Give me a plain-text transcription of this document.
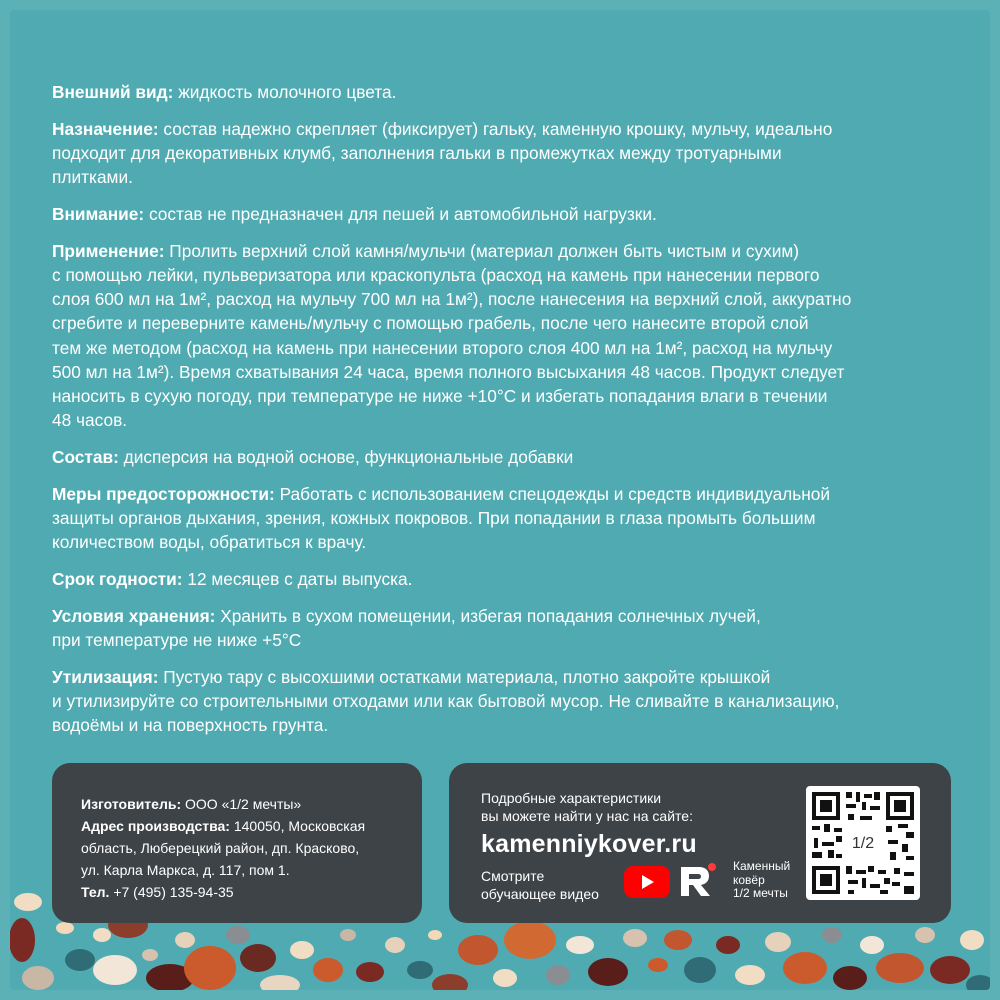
Внешний вид: жидкость молочного цвета.

Назначение: состав надежно скрепляет (фиксирует) гальку, каменную крошку, мульчу, идеально
подходит для декоративных клумб, заполнения гальки в промежутках между тротуарными
плитками.

Внимание: состав не предназначен для пешей и автомобильной нагрузки.

Применение: Пролить верхний слой камня/мульчи (материал должен быть чистым и сухим)
с помощью лейки, пульверизатора или краскопульта (расход на камень при нанесении первого
слоя 600 мл на 1м², расход на мульчу 700 мл на 1м²), после нанесения на верхний слой, аккуратно
сгребите и переверните камень/мульчу с помощью грабель, после чего нанесите второй слой
тем же методом (расход на камень при нанесении второго слоя 400 мл на 1м², расход на мульчу
500 мл на 1м²). Время схватывания 24 часа, время полного высыхания 48 часов. Продукт следует
наносить в сухую погоду, при температуре не ниже +10°С и избегать попадания влаги в течении
48 часов.

Состав: дисперсия на водной основе, функциональные добавки

Меры предосторожности: Работать с использованием спецодежды и средств индивидуальной
защиты органов дыхания, зрения, кожных покровов. При попадании в глаза промыть большим
количеством воды, обратиться к врачу.

Срок годности: 12 месяцев с даты выпуска.

Условия хранения: Хранить в сухом помещении, избегая попадания солнечных лучей,
при температуре не ниже +5°С

Утилизация: Пустую тару с высохшими остатками материала, плотно закройте крышкой
и утилизируйте со строительными отходами или как бытовой мусор. Не сливайте в канализацию,
водоёмы и на поверхность грунта.

Изготовитель: ООО «1/2 мечты»
Адрес производства: 140050, Московская
область, Люберецкий район, дп. Красково,
ул. Карла Маркса, д. 117, пом 1.
Тел. +7 (495) 135-94-35
Подробные характеристики
вы можете найти у нас на сайте:
kamenniykover.ru
Смотрите
обучающее видео
Каменный
ковёр
1/2 мечты
1/2
